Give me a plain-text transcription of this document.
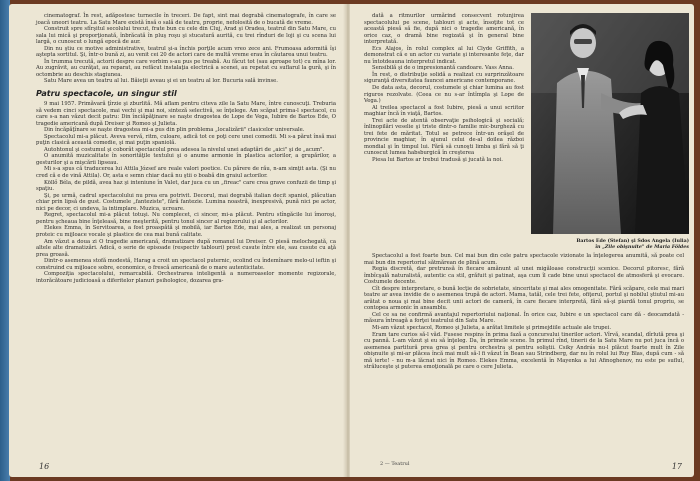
cinematograf. În rest, adăpostesc turnecile în treceri. De fapt, sint mai degrabă cinematografe, în care se joacă uneori teatru. La Satu Mare există însă o sală de teatru, proprie, nefolosită de o bucată de vreme.

Construit spre sfîrşitul secolului trecut, frate bun cu cele din Cluj, Arad şi Oradea, teatrul din Satu Mare, cu sala lui mică şi proporţionată, înbrăcată în pluş roşu şi stucatură aurită, cu trei rînduri de loji şi cu scena lui largă, o cunoscut o lungă epocă de aur.

Din nu ştiu ce motive administrative, teatrul şi-a închis porţile acum vreo zece ani. Frumoasa adormită îşi aştepta sortitul. Şi, într-o bună zi, au venit cei 20 de actori care de multă vreme erau în căutarea unui teatru.

În trumma trecută, actorii despre care vorbim s-au pus pe treabă. Au făcut tot (sau aproape tot) cu mîna lor. Au zugrăvit, au curăţat, au reparat, au refăcut instalaţia electrică a scenei, au repetat cu suflarul la gură, şi în octombrie au deschis stagiunea.

Satu Mare avea un teatru al lui. Băieţii aveau şi ei un teatru al lor. Bucuria sală invinse.

Patru spectacole, un singur stil

9 mai 1957. Primăvară ţîrzie şi zburlită. Mă aflam pentru citeva zile la Satu Mare, între cunoscuţi. Treburia să vedem cinci spectacole, mai vechi şi mai noi, sinteză selectivă, se înţelege. Am scăpat prima-l spectacol, cu care s-a nan văzut decit patru: Din înciăpăţinare se naşte dragostea de Lope de Vega, Iubire de Bartos Ede, O tragedie americană după Dreiser şi Romeo şi Julieta.

Din încăpăţînare se naşte dragostea mi-a pus din plin problema „localizării" clasicelor universale.

Spectacolul mi-a plăcut. Aveva vervă, ritm, culoare, adică tot ce poţi cere unei comedii. Mi s-a părut însă mai puţin clasică această comedie, şi mai puţin spaniolă.

Autohtonul şi costumul şi coborât spectacolul prea adesea la nivelul unei adaptări de „aici" şi de „acum".

O anumită muzicalitate în sonorităţile textului şi o anume armonie în plastica actorilor, a grupărilor, a gesturilor şi a mişcării lipseau.

Mi s-a spus că traducerea lui Attila József are reale valori poetice. Cu părere de rău, n-am simţit asta. (Şi nu cred că e de vină Attila). Or, asta e semn chiar dacă nu ştii o boabă din graiul actorilor.

Köllő Béla, de pildă, avea haz şi inteniune în Valet, dar juca cu un „fireac" care crea grave confuzii de timp şi spaţiu.

Şi, pe urmă, cadrul spectacolului nu prea era potrivit. Decorul, mai degrabă italian decit spaniol, plăcutian chiar prin lipsă de gust. Costumele „fanteziste", fără fantezie. Lumina noastră, inexpresivă, pună nici pe actor, nici pe decor, ci undeva, la intimplare. Muzica, ucreare.

Regret, spectacolul mi-a plăcut totuşi. Nu complecet, ci sincer, mi-a plăcut. Pentru stîngăcile lui îmoroşi, pentru şcheaua bine înţeleasă, bine meşterită, pentru tonul sincer al regizorului şi al actorilor.

Elekes Emma, în Servitoarea, a fost proaspătă şi mobilă, iar Bartos Ede, mai ales, a realizat un personaj proteic cu mijloace vocale şi plastice de cea mai bună calitate.

Am văzut a doua zi O tragedie americană, dramatizare după romanul lui Dreiser. O piesă melochegată, ca altele alte dramatizări. Adică, o serie de episoade (respectiv tablouri) prost cusute între ele, sau cusute cu aţă prea groasă.

Dintr-o asemenea stofă modestă, Harag a croit un spectacol puternic, ocolind cu îndemînare melo-ul ieftin şi construind cu mijloace sobre, economice, o frescă americană de o mare autenticitate.

Compoziţia spectacolului, remarcabilă. Orchestrarea inteligentă a numeroaselor momente regizorale, intorăcătoare judicioasă a diferitelor planuri psihologice, dozarea gra-

16

dată a ritmurilor urmărind consecvent rotunjirea spectacolului pe scene, tablouri şi acte, însoţite tot ce această piesă să fie, după nici o tragedie americană, în orice caz, o dramă bine regizată şi în general bine interpretată.

Ecs Alajos, în rolul complex al lui Clyde Griffith, a demonstrat că e un actor cu variate şi interesante feţe, dar nu întotdeauna interpretul indicat.

Sensibilă şi de o impresionantă candoare. Vass Anna.

În rest, o distribuţie solidă a realizat cu surprinzătoare siguranţă diversitatea fauncei americane contemporane.

De data asta, decorul, costumele şi chiar lumina au fost riguros rezolvate. (Ceea ce nu s-ar întîmpla şi Lope de Vega.)

Al treilea spectacol a fost Iubire, piesă a unui scriitor maghiar încă în viaţă, Bartos.

Trei acte de atentă observaţie psihologică şi socială; înlinopilări veselie şi triste dintr-o familie mic-burgheză cu trei fete de măritat. Totul se petrece într-un orăşel de provincie maghiar, în ajunul celui de-al doilea război mondial şi în timpul lui. Fără să cunoşti limba şi fără să ţi cunoscut lumea habsburgică în creşterea

Piesa lui Bartos ar trebui tradusă şi jucată la noi.

Bartos Ede (Stefan) şi Sdos Angela (Iulia)
în „Zile obişnuite" de Maria Földes

Spectacolul a fost foarte bun. Cel mai bun din cele patru spectacole vizionate la înţelegerea anumită, să poate cel mai bun din repertoriul sătmărean de plină acum.

Regia discretă, dar pretrunsă în fiecare amănunt al unei migăloase construcţii scenice. Decorul pitoresc, fără îmbîcşală naturalistă, autentic ca stil, grăfuit şi patinat, aşa cum îl cade bine unui spectacol de atmosferă şi evocare. Costumele decente.

Cît despre interpretare, o bună lecţie de sobrietate, sinceritate şi mai ales omogenitate. Fără scăpare, cele mai mari teatre ar avea invidie de o asemenea trupă de actori. Mama, tatăl, cele trei fete, ofiţerul, portul şi nobilul ştiutul mi-au arătat o noua şi mai bine decit unii actori de cameră, în care fiecare interpretă, fără să-şi piardă tonul propriu, se contopea armonic în ansamblu.

Cel ce sa ne confirmă avantajul repertoriului naţional. În orice caz, Iubire e un spectacol care dă - deocamdată - măsura întreagă a forţei teatrului din Satu Mare.

Mi-am văzut spectacol, Romeo şi Julieta, a arătat limitele şi primejdiile actuale ale trupei.

Eram tare curios să-l văd. Fusese respins în prima fază a concursului tinerilor actori. Vîrvă, scandal, dîrlută prea şi cu pannă. L-am văzut şi eu să înţeleg. Da, în primele scene. În primul rînd, tinerii de la Satu Mare nu pot juca încă o asemenea partitură prea grea şi pentru orchestra şi pentru soliştii. Csiky András nu-l plăcut foarte mult în Zile obişnuite şi mi-ar plăcea încă mai mult să-l fi văzut în Bean sau Strindberg, dar nu în rolul lui Ruy Blas, după cum - să mă ierte! - nu m-a lăcnat nici în Romeo. Elekes Emma, excelentă în Mayenka a lui Afinoghenov, nu este pe suflul, străluceşte şi puterea emoţională pe care o cere Julieta.

2 — Teatrul	17
